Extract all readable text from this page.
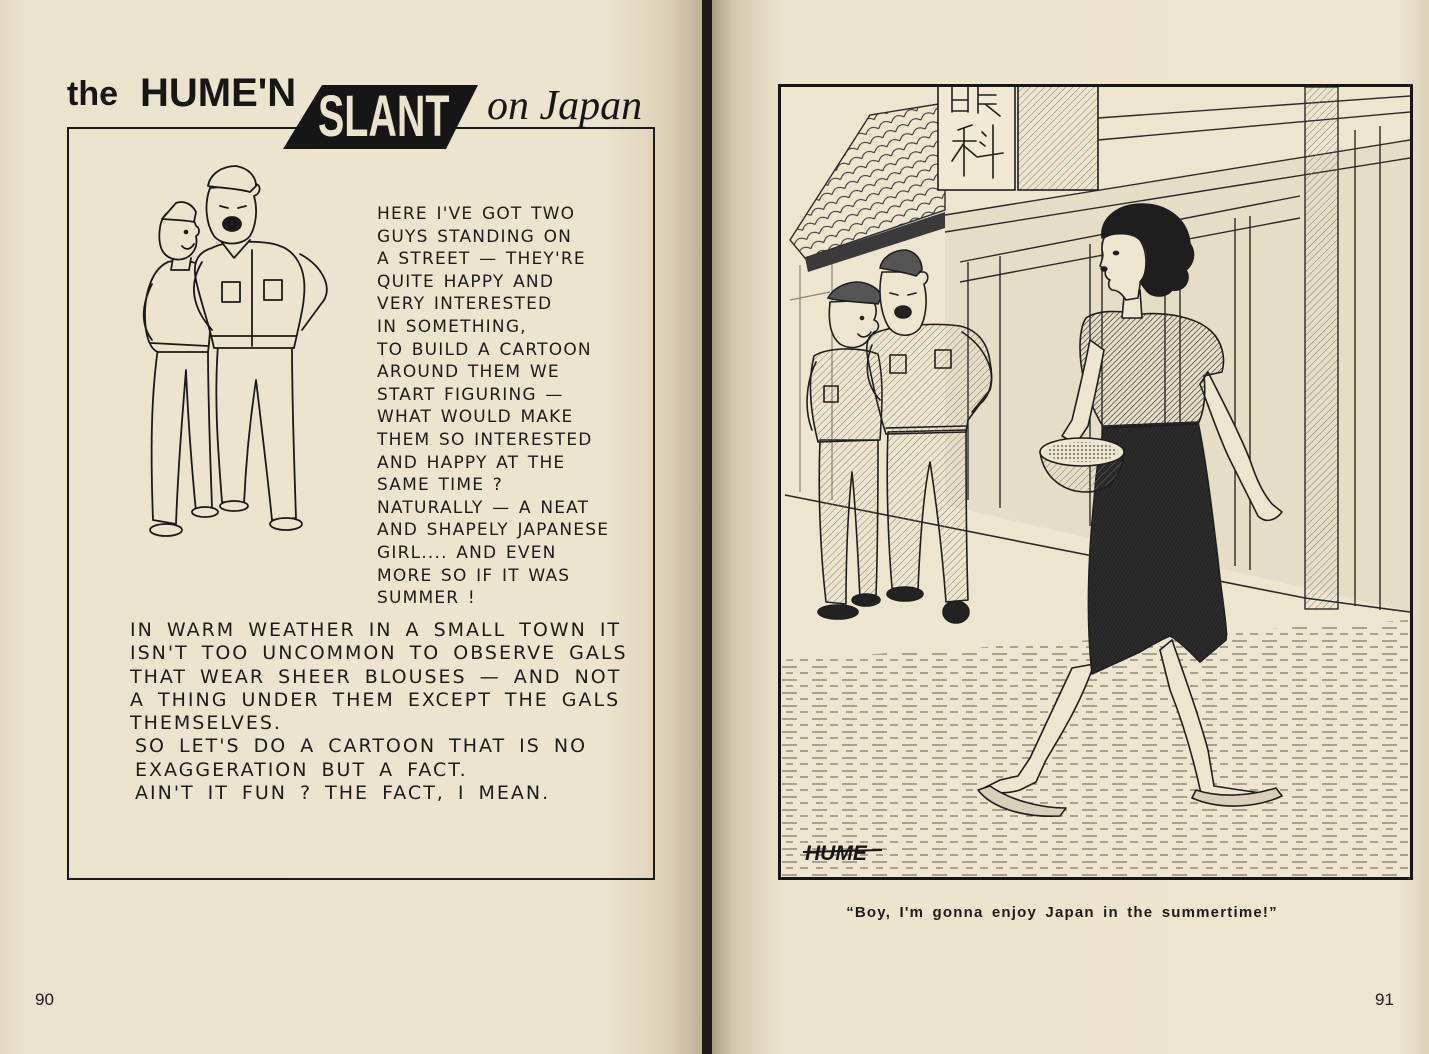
the HUME'N SLANT on Japan
HERE I'VE GOT TWO
GUYS STANDING ON
A STREET — THEY'RE
QUITE HAPPY AND
VERY INTERESTED
IN SOMETHING,
TO BUILD A CARTOON
AROUND THEM WE
START FIGURING —
WHAT WOULD MAKE
THEM SO INTERESTED
AND HAPPY AT THE
SAME TIME ?
NATURALLY — A NEAT
AND SHAPELY JAPANESE
GIRL.... AND EVEN
MORE SO IF IT WAS
SUMMER !
IN WARM WEATHER IN A SMALL TOWN IT
ISN'T TOO UNCOMMON TO OBSERVE GALS
THAT WEAR SHEER BLOUSES — AND NOT
A THING UNDER THEM EXCEPT THE GALS
THEMSELVES.
SO LET'S DO A CARTOON THAT IS NO
EXAGGERATION BUT A FACT.
AIN'T IT FUN ? THE FACT, I MEAN.
90
HUME
“Boy, I'm gonna enjoy Japan in the summertime!”
91
